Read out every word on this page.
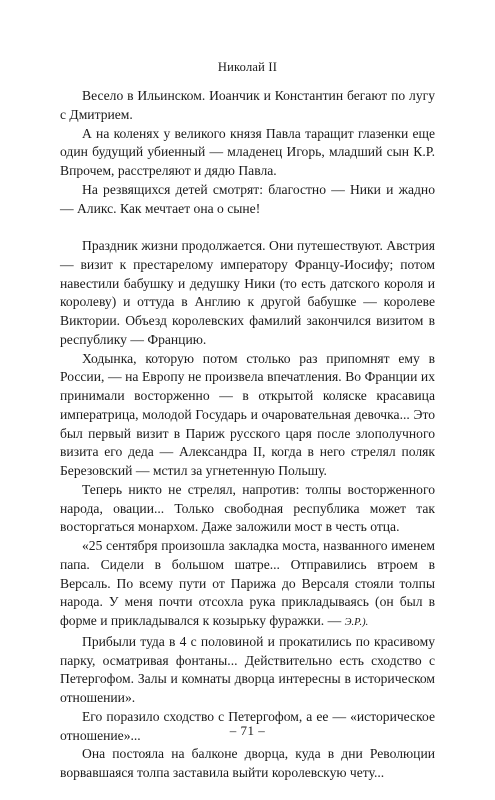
Николай II

Весело в Ильинском. Иоанчик и Константин бегают по лугу с Дмитрием.

А на коленях у великого князя Павла таращит глазенки еще один будущий убиенный — младенец Игорь, младший сын К.Р. Впрочем, расстреляют и дядю Павла.

На резвящихся детей смотрят: благостно — Ники и жадно — Аликс. Как мечтает она о сыне!

Праздник жизни продолжается. Они путешествуют. Австрия — визит к престарелому императору Францу-Иосифу; потом навестили бабушку и дедушку Ники (то есть датского короля и королеву) и оттуда в Англию к другой бабушке — королеве Виктории. Объезд королевских фамилий закончился визитом в республику — Францию.

Ходынка, которую потом столько раз припомнят ему в России, — на Европу не произвела впечатления. Во Франции их принимали восторженно — в открытой коляске красавица императрица, молодой Государь и очаровательная девочка... Это был первый визит в Париж русского царя после злополучного визита его деда — Александра II, когда в него стрелял поляк Березовский — мстил за угнетенную Польшу.

Теперь никто не стрелял, напротив: толпы восторженного народа, овации... Только свободная республика может так восторгаться монархом. Даже заложили мост в честь отца.

«25 сентября произошла закладка моста, названного именем папа. Сидели в большом шатре... Отправились втроем в Версаль. По всему пути от Парижа до Версаля стояли толпы народа. У меня почти отсохла рука прикладываясь (он был в форме и прикладывался к козырьку фуражки. — Э.Р.).

Прибыли туда в 4 с половиной и прокатились по красивому парку, осматривая фонтаны... Действительно есть сходство с Петергофом. Залы и комнаты дворца интересны в историческом отношении».

Его поразило сходство с Петергофом, а ее — «историческое отношение»...

Она постояла на балконе дворца, куда в дни Революции ворвавшаяся толпа заставила выйти королевскую чету...

– 71 –
